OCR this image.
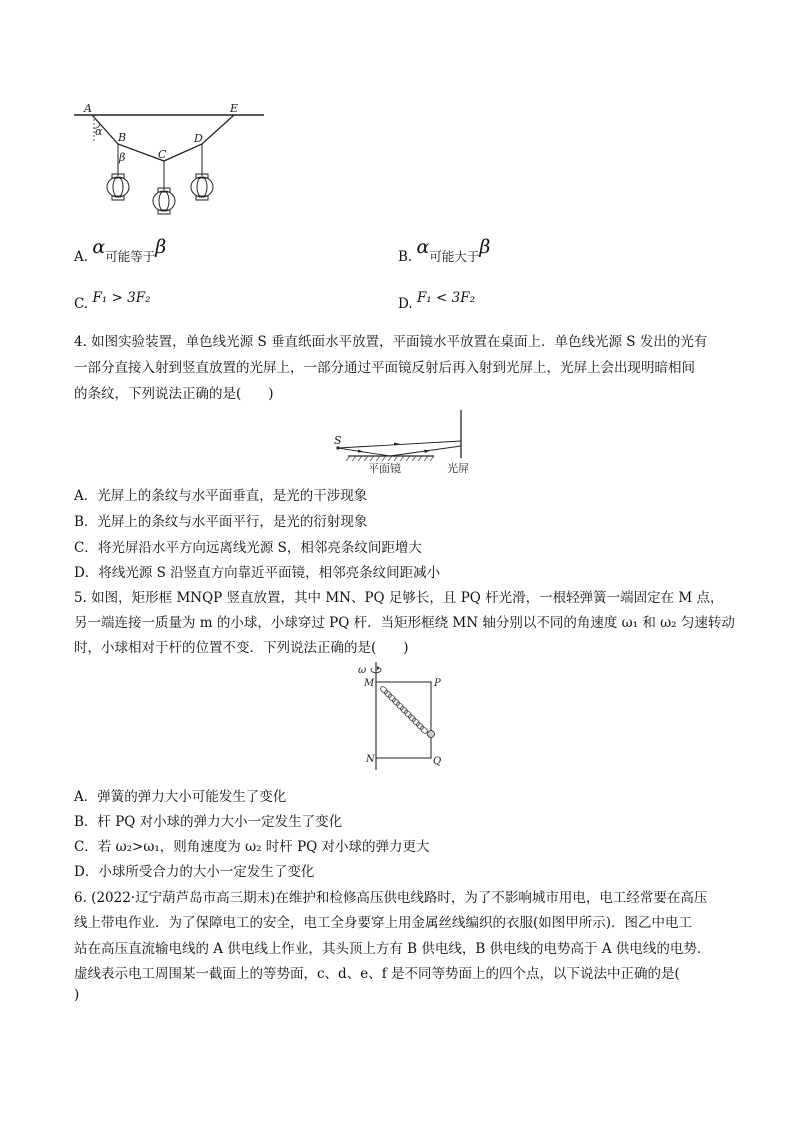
A	E
B
C
D
α
β
A. α可能等于β	B. α可能大于β
C. F₁ > 3F₂	D. F₁ < 3F₂
4. 如图实验装置，单色线光源 S 垂直纸面水平放置，平面镜水平放置在桌面上．单色线光源 S 发出的光有
一部分直接入射到竖直放置的光屏上，一部分通过平面镜反射后再入射到光屏上，光屏上会出现明暗相间
的条纹，下列说法正确的是(　　)
S
平面镜	光屏
A．光屏上的条纹与水平面垂直，是光的干涉现象
B．光屏上的条纹与水平面平行，是光的衍射现象
C．将光屏沿水平方向远离线光源 S，相邻亮条纹间距增大
D．将线光源 S 沿竖直方向靠近平面镜，相邻亮条纹间距减小
5. 如图，矩形框 MNQP 竖直放置，其中 MN、PQ 足够长，且 PQ 杆光滑，一根轻弹簧一端固定在 M 点，
另一端连接一质量为 m 的小球，小球穿过 PQ 杆．当矩形框绕 MN 轴分别以不同的角速度 ω₁ 和 ω₂ 匀速转动
时，小球相对于杆的位置不变．下列说法正确的是(　　)
ω
M	P
N	Q
A．弹簧的弹力大小可能发生了变化
B．杆 PQ 对小球的弹力大小一定发生了变化
C．若 ω₂>ω₁，则角速度为 ω₂ 时杆 PQ 对小球的弹力更大
D．小球所受合力的大小一定发生了变化
6. (2022·辽宁葫芦岛市高三期末)在维护和检修高压供电线路时，为了不影响城市用电，电工经常要在高压
线上带电作业．为了保障电工的安全，电工全身要穿上用金属丝线编织的衣服(如图甲所示)．图乙中电工
站在高压直流输电线的 A 供电线上作业，其头顶上方有 B 供电线，B 供电线的电势高于 A 供电线的电势．
虚线表示电工周围某一截面上的等势面，c、d、e、f 是不同等势面上的四个点，以下说法中正确的是(
)
